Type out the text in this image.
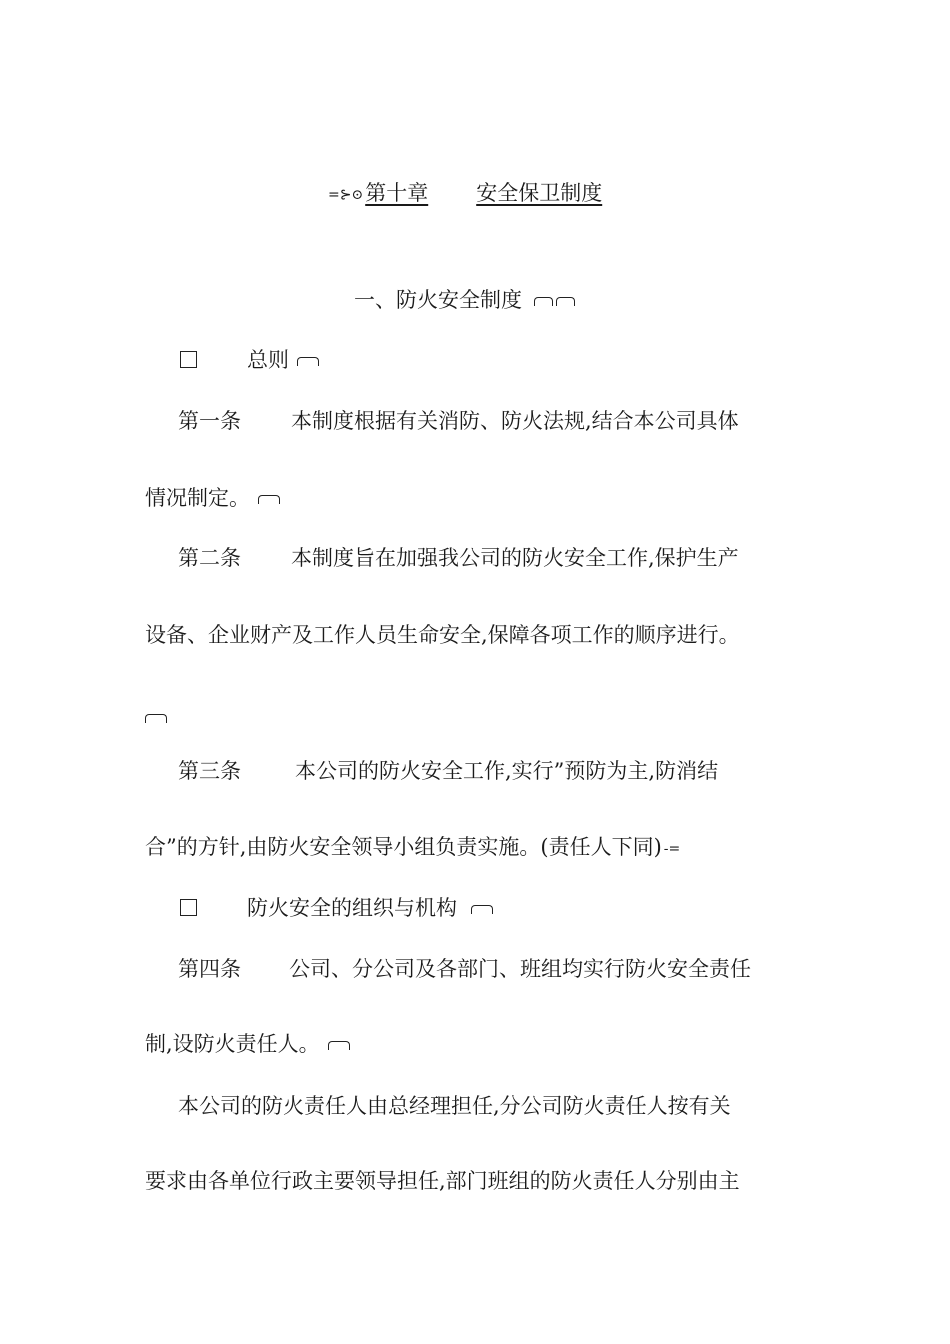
=⊱⊙第十章 安全保卫制度
一、防火安全制度
总则
第一条 本制度根据有关消防、防火法规,结合本公司具体
情况制定。
第二条 本制度旨在加强我公司的防火安全工作,保护生产
设备、企业财产及工作人员生命安全,保障各项工作的顺序进行。
第三条	本公司的防火安全工作,实行”预防为主,防消结
合”的方针,由防火安全领导小组负责实施。(责任人下同) -=
防火安全的组织与机构
第四条 公司、分公司及各部门、班组均实行防火安全责任
制,设防火责任人。
本公司的防火责任人由总经理担任,分公司防火责任人按有关
要求由各单位行政主要领导担任,部门班组的防火责任人分别由主
